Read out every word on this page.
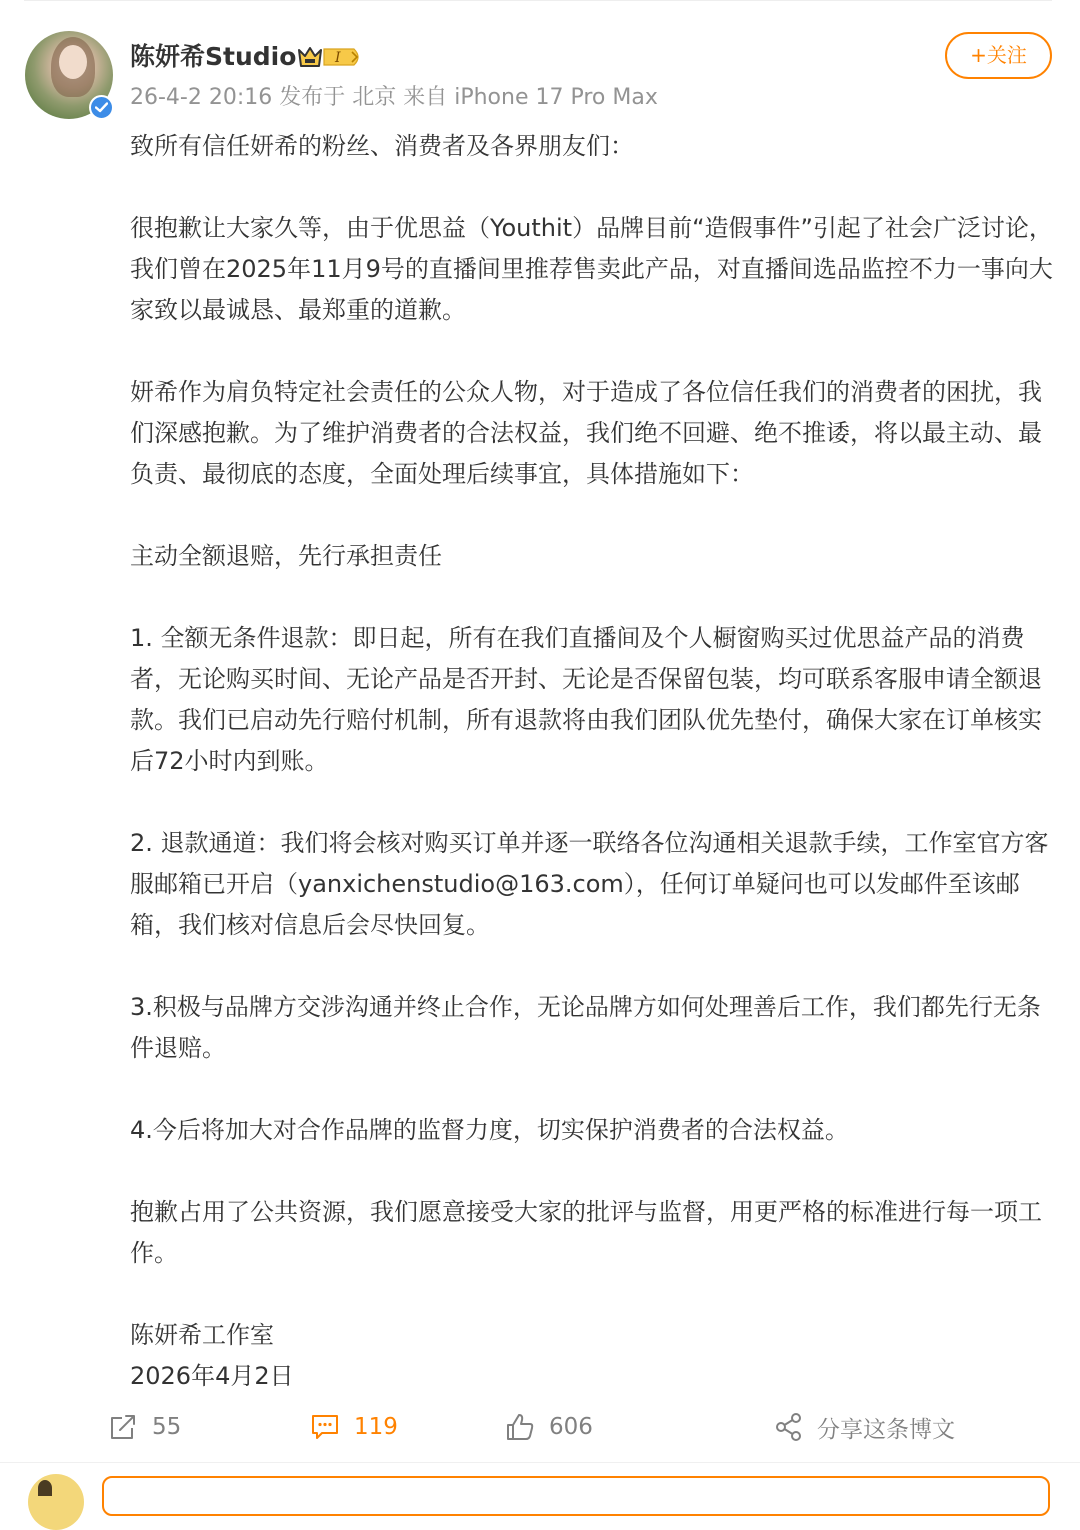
陈妍希Studio	I
26-4-2 20:16 发布于 北京 来自 iPhone 17 Pro Max
+关注

致所有信任妍希的粉丝、消费者及各界朋友们：

很抱歉让大家久等，由于优思益（Youthit）品牌目前“造假事件”引起了社会广泛讨论，我们曾在2025年11月9号的直播间里推荐售卖此产品，对直播间选品监控不力一事向大家致以最诚恳、最郑重的道歉。

妍希作为肩负特定社会责任的公众人物，对于造成了各位信任我们的消费者的困扰，我们深感抱歉。为了维护消费者的合法权益，我们绝不回避、绝不推诿，将以最主动、最负责、最彻底的态度，全面处理后续事宜，具体措施如下：

主动全额退赔，先行承担责任

1. 全额无条件退款：即日起，所有在我们直播间及个人橱窗购买过优思益产品的消费者，无论购买时间、无论产品是否开封、无论是否保留包装，均可联系客服申请全额退款。我们已启动先行赔付机制，所有退款将由我们团队优先垫付，确保大家在订单核实后72小时内到账。

2. 退款通道：我们将会核对购买订单并逐一联络各位沟通相关退款手续，工作室官方客服邮箱已开启（yanxichenstudio@163.com），任何订单疑问也可以发邮件至该邮箱，我们核对信息后会尽快回复。

3.积极与品牌方交涉沟通并终止合作，无论品牌方如何处理善后工作，我们都先行无条件退赔。

4.今后将加大对合作品牌的监督力度，切实保护消费者的合法权益。

抱歉占用了公共资源，我们愿意接受大家的批评与监督，用更严格的标准进行每一项工作。

陈妍希工作室

2026年4月2日

55	119	606	分享这条博文
